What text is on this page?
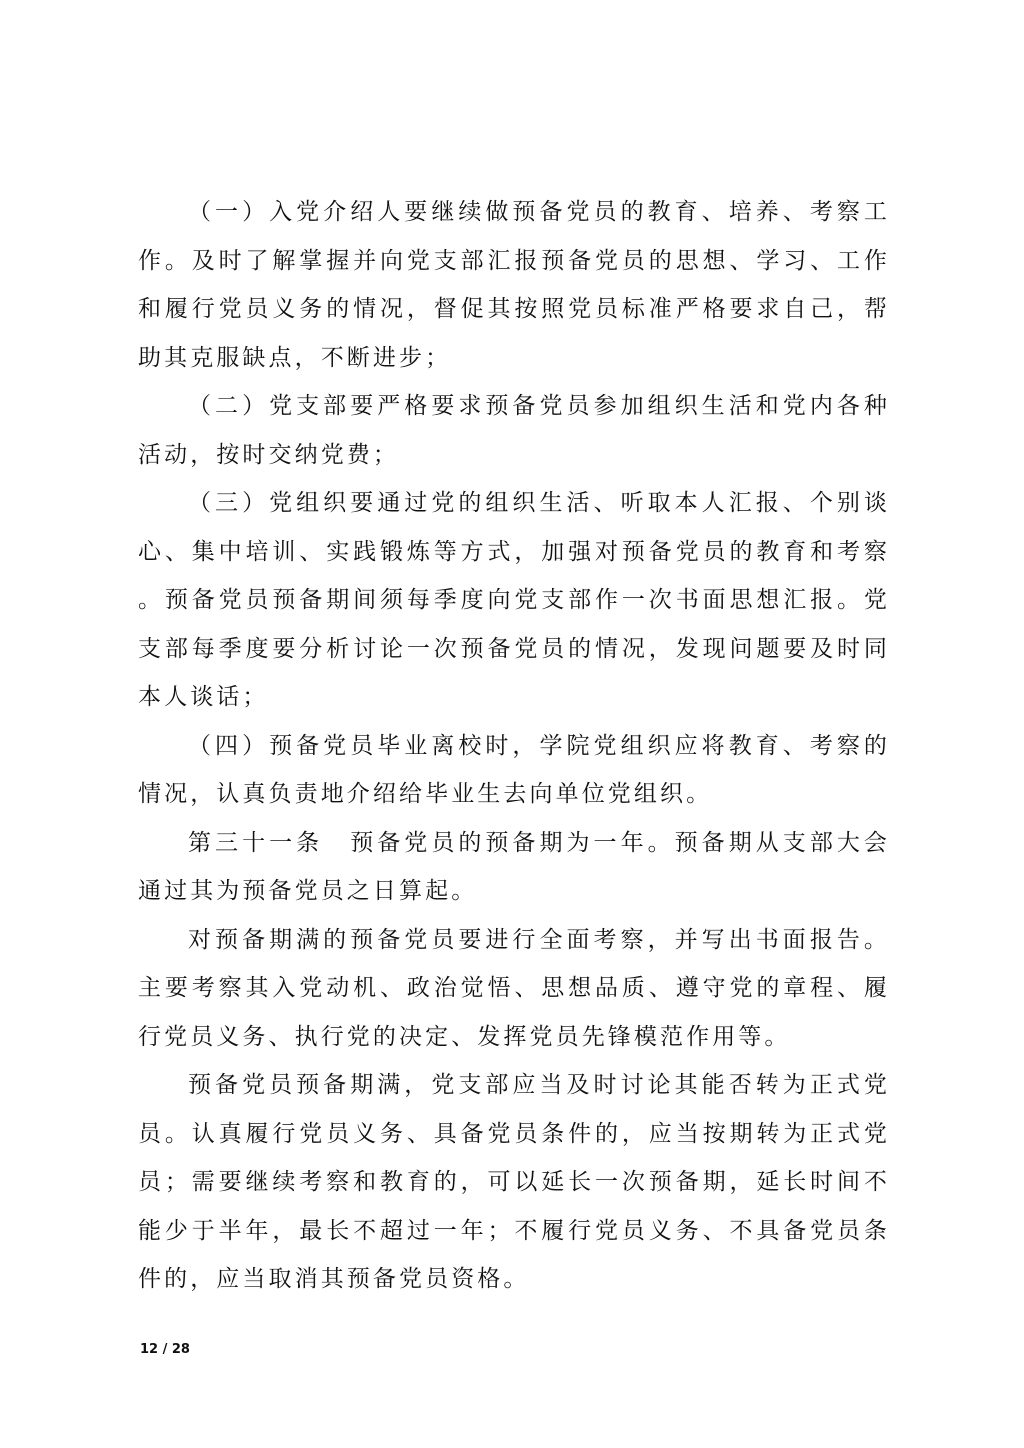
（一）入党介绍人要继续做预备党员的教育、培养、考察工作。及时了解掌握并向党支部汇报预备党员的思想、学习、工作和履行党员义务的情况，督促其按照党员标准严格要求自己，帮助其克服缺点，不断进步；

（二）党支部要严格要求预备党员参加组织生活和党内各种活动，按时交纳党费；

（三）党组织要通过党的组织生活、听取本人汇报、个别谈心、集中培训、实践锻炼等方式，加强对预备党员的教育和考察。预备党员预备期间须每季度向党支部作一次书面思想汇报。党支部每季度要分析讨论一次预备党员的情况，发现问题要及时同本人谈话；

（四）预备党员毕业离校时，学院党组织应将教育、考察的情况，认真负责地介绍给毕业生去向单位党组织。

第三十一条　预备党员的预备期为一年。预备期从支部大会通过其为预备党员之日算起。

对预备期满的预备党员要进行全面考察，并写出书面报告。主要考察其入党动机、政治觉悟、思想品质、遵守党的章程、履行党员义务、执行党的决定、发挥党员先锋模范作用等。

预备党员预备期满，党支部应当及时讨论其能否转为正式党员。认真履行党员义务、具备党员条件的，应当按期转为正式党员；需要继续考察和教育的，可以延长一次预备期，延长时间不能少于半年，最长不超过一年；不履行党员义务、不具备党员条件的，应当取消其预备党员资格。

12 / 28
